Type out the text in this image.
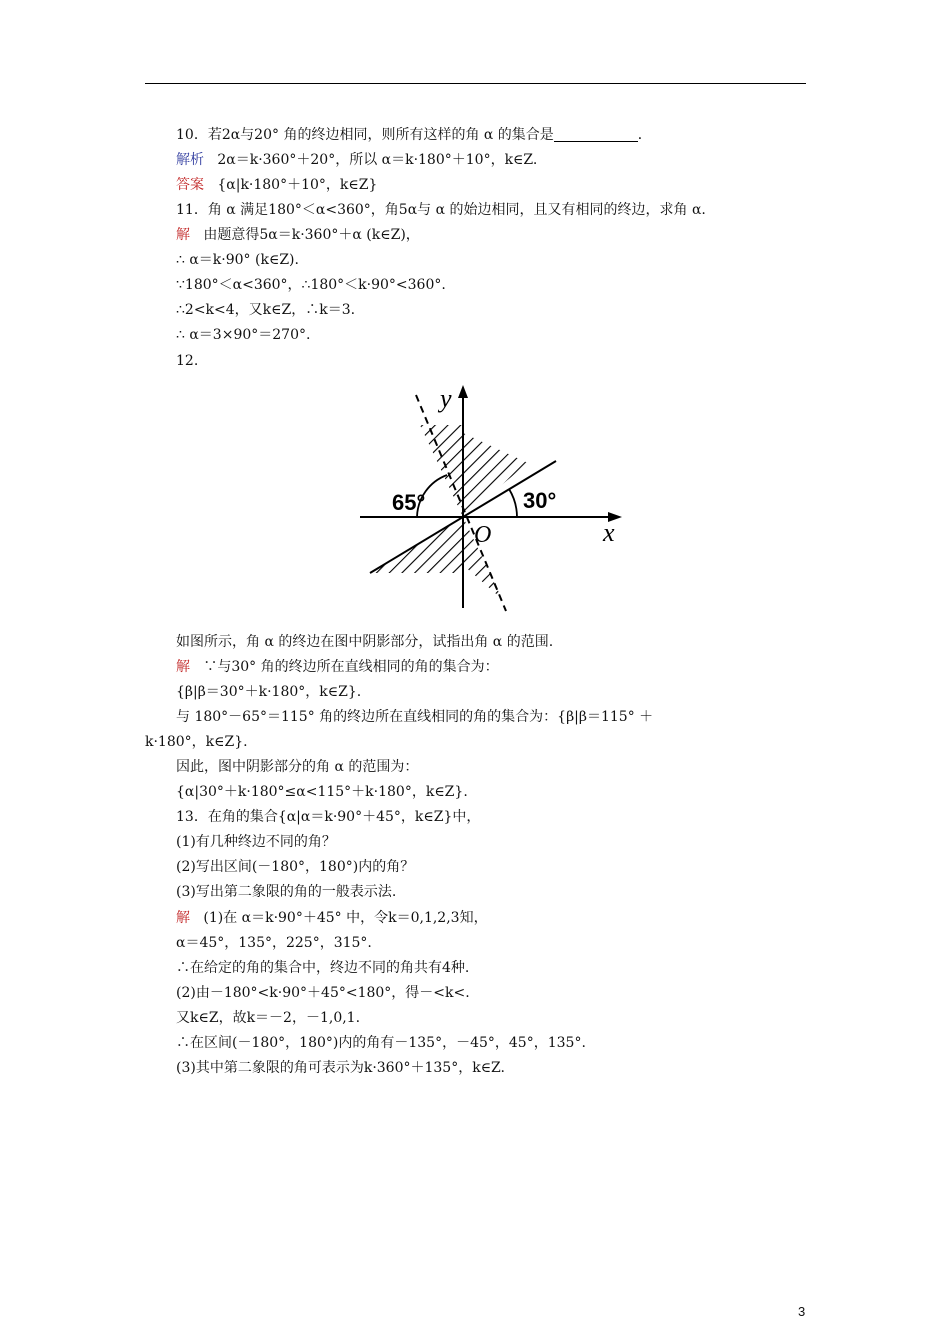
10．若2α与20° 角的终边相同，则所有这样的角 α 的集合是	．
解析 2α＝k·360°＋20°，所以 α＝k·180°＋10°，k∈Z.
答案 {α|k·180°＋10°，k∈Z}
11．角 α 满足180°＜α<360°，角5α与 α 的始边相同，且又有相同的终边，求角 α.
解 由题意得5α＝k·360°＋α (k∈Z)，
∴ α＝k·90° (k∈Z).
∵180°＜α<360°，∴180°＜k·90°<360°.
∴2<k<4，又k∈Z，∴k＝3.
∴ α＝3×90°＝270°.
12.
y
x
O
65°	30°
如图所示，角 α 的终边在图中阴影部分，试指出角 α 的范围.
解 ∵与30° 角的终边所在直线相同的角的集合为：
{β|β＝30°＋k·180°，k∈Z}.
与 180°－65°＝115° 角的终边所在直线相同的角的集合为：{β|β＝115° ＋
k·180°，k∈Z}.
因此，图中阴影部分的角 α 的范围为：
{α|30°＋k·180°≤α<115°＋k·180°，k∈Z}.
13．在角的集合{α|α＝k·90°＋45°，k∈Z}中，
(1)有几种终边不同的角？
(2)写出区间(－180°，180°)内的角？
(3)写出第二象限的角的一般表示法.
解 (1)在 α＝k·90°＋45° 中，令k＝0,1,2,3知，
α＝45°，135°，225°，315°.
∴在给定的角的集合中，终边不同的角共有4种.
(2)由－180°<k·90°＋45°<180°，得－<k<.
又k∈Z，故k＝－2，－1,0,1.
∴在区间(－180°，180°)内的角有－135°，－45°，45°，135°.
(3)其中第二象限的角可表示为k·360°＋135°，k∈Z.
3
